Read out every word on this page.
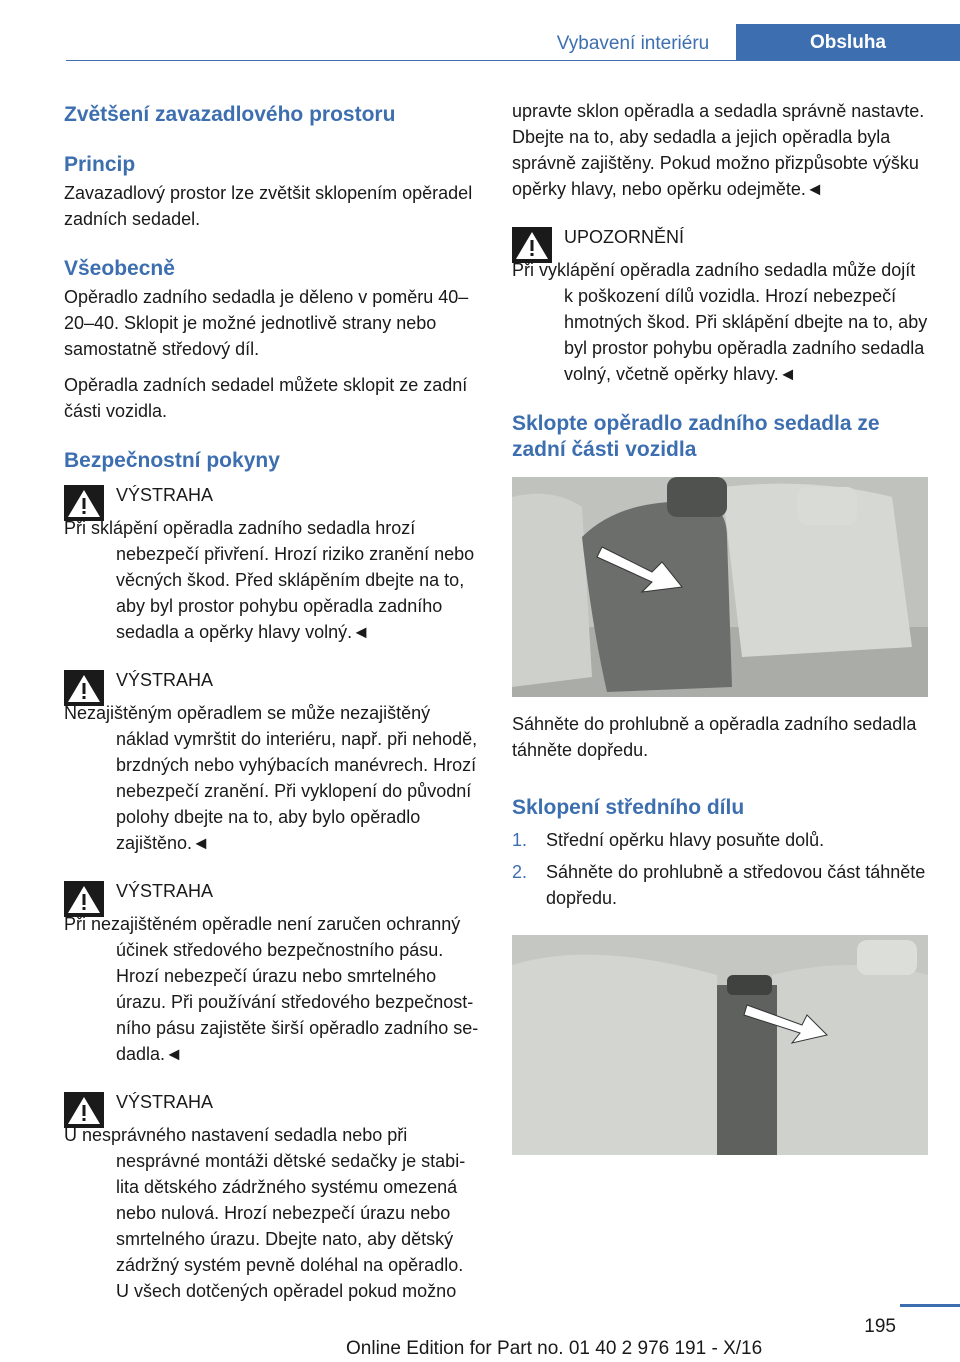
Vybavení interiéru	Obsluha
Zvětšení zavazadlového prostoru
Princip

Zavazadlový prostor lze zvětšit sklopením opěradel zadních sedadel.

Všeobecně

Opěradlo zadního sedadla je děleno v poměru 40–20–40. Sklopit je možné jednotlivě strany nebo samostatně středový díl.

Opěradla zadních sedadel můžete sklopit ze zadní části vozidla.

Bezpečnostní pokyny
VÝSTRAHA

Při sklápění opěradla zadního sedadla hrozí nebezpečí přivření. Hrozí riziko zranění nebo věcných škod. Před sklápěním dbejte na to, aby byl prostor pohybu opěradla zadního sedadla a opěrky hlavy volný.◄

VÝSTRAHA

Nezajištěným opěradlem se může nezajištěný náklad vymrštit do interiéru, např. při nehodě, brzdných nebo vyhýbacích manévrech. Hrozí nebezpečí zranění. Při vyklopení do původní polohy dbejte na to, aby bylo opěradlo zajištěno.◄

VÝSTRAHA

Při nezajištěném opěradle není zaručen ochranný účinek středového bezpečnostního pásu. Hrozí nebezpečí úrazu nebo smrtelného úrazu. Při používání středového bezpečnostního pásu zajistěte širší opěradlo zadního sedadla.◄

VÝSTRAHA

U nesprávného nastavení sedadla nebo při nesprávné montáži dětské sedačky je stabilita dětského zádržného systému omezená nebo nulová. Hrozí nebezpečí úrazu nebo smrtelného úrazu. Dbejte nato, aby dětský zádržný systém pevně doléhal na opěradlo. U všech dotčených opěradel pokud možno

upravte sklon opěradla a sedadla správně nastavte. Dbejte na to, aby sedadla a jejich opěradla byla správně zajištěny. Pokud možno přizpůsobte výšku opěrky hlavy, nebo opěrku odejměte.◄

UPOZORNĚNÍ

Při vyklápění opěradla zadního sedadla může dojít k poškození dílů vozidla. Hrozí nebezpečí hmotných škod. Při sklápění dbejte na to, aby byl prostor pohybu opěradla zadního sedadla volný, včetně opěrky hlavy.◄

Sklopte opěradlo zadního sedadla ze zadní části vozidla

Sáhněte do prohlubně a opěradla zadního sedadla táhněte dopředu.

Sklopení středního dílu
1.	Střední opěrku hlavy posuňte dolů.
2.	Sáhněte do prohlubně a středovou část táhněte dopředu.
195
Online Edition for Part no. 01 40 2 976 191 - X/16
